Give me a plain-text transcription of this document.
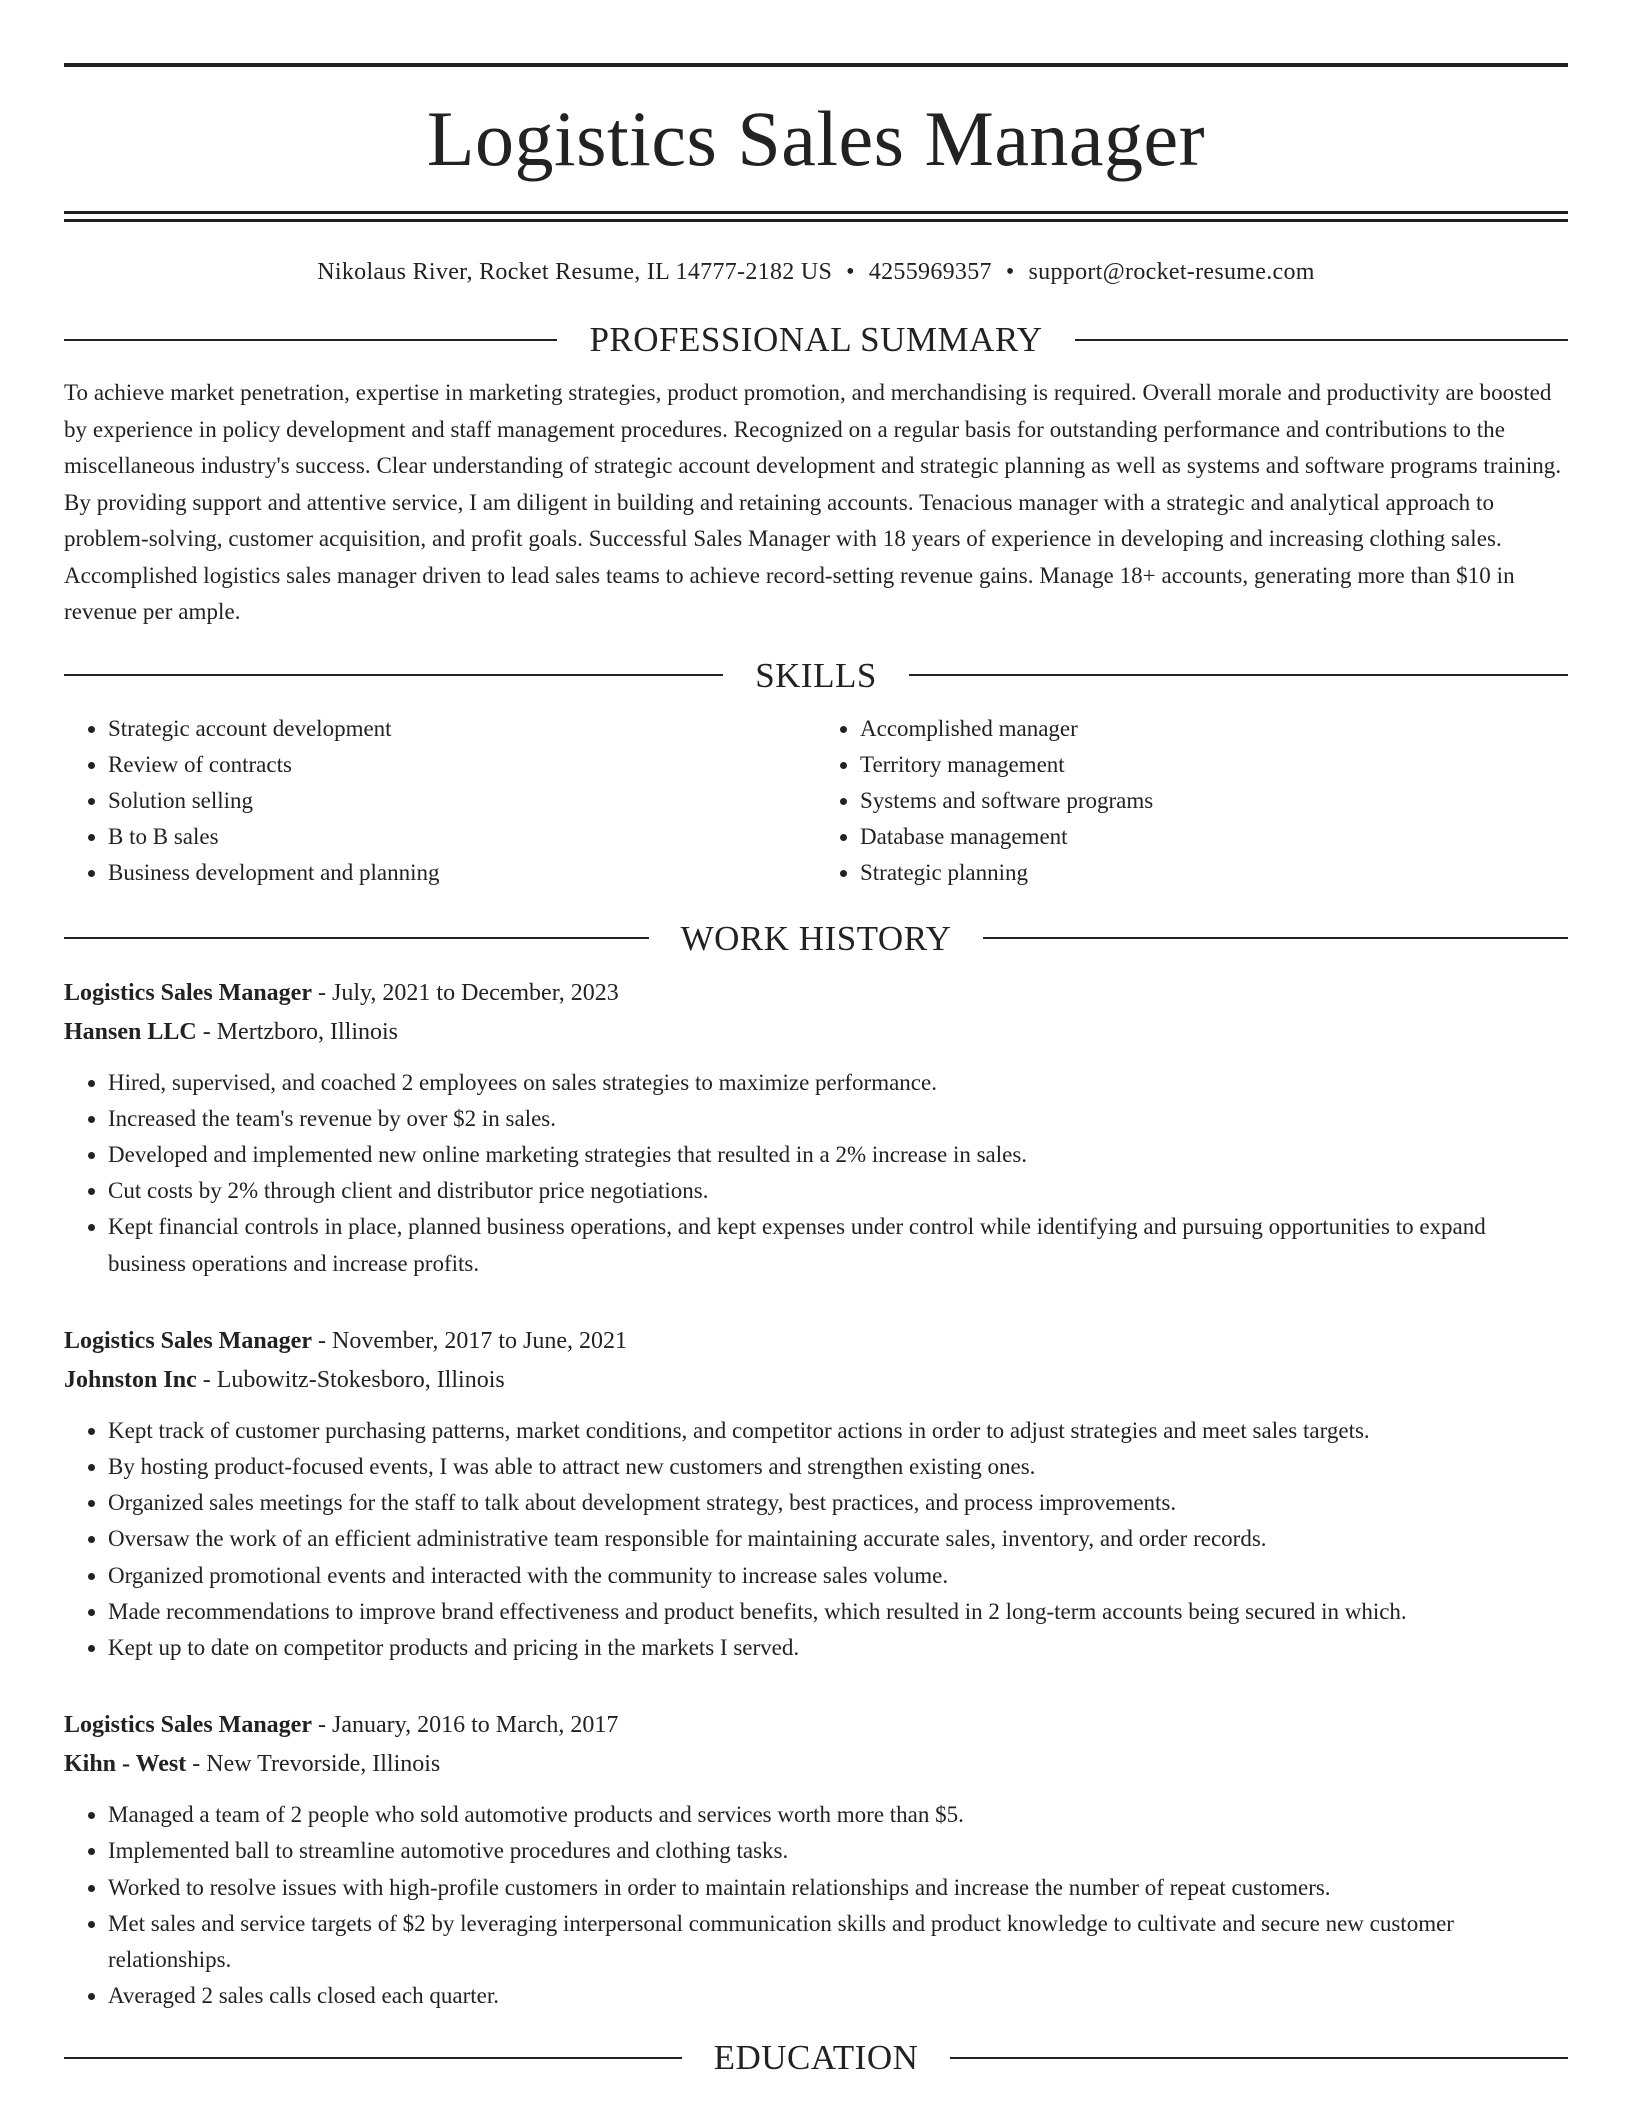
Logistics Sales Manager
Nikolaus River, Rocket Resume, IL 14777-2182 US • 4255969357 • support@rocket-resume.com
PROFESSIONAL SUMMARY
To achieve market penetration, expertise in marketing strategies, product promotion, and merchandising is required. Overall morale and productivity are boosted by experience in policy development and staff management procedures. Recognized on a regular basis for outstanding performance and contributions to the miscellaneous industry's success. Clear understanding of strategic account development and strategic planning as well as systems and software programs training. By providing support and attentive service, I am diligent in building and retaining accounts. Tenacious manager with a strategic and analytical approach to problem-solving, customer acquisition, and profit goals. Successful Sales Manager with 18 years of experience in developing and increasing clothing sales. Accomplished logistics sales manager driven to lead sales teams to achieve record-setting revenue gains. Manage 18+ accounts, generating more than $10 in revenue per ample.
SKILLS
• Strategic account development
• Review of contracts
• Solution selling
• B to B sales
• Business development and planning
• Accomplished manager
• Territory management
• Systems and software programs
• Database management
• Strategic planning
WORK HISTORY
Logistics Sales Manager - July, 2021 to December, 2023
Hansen LLC - Mertzboro, Illinois
• Hired, supervised, and coached 2 employees on sales strategies to maximize performance.
• Increased the team's revenue by over $2 in sales.
• Developed and implemented new online marketing strategies that resulted in a 2% increase in sales.
• Cut costs by 2% through client and distributor price negotiations.
• Kept financial controls in place, planned business operations, and kept expenses under control while identifying and pursuing opportunities to expand business operations and increase profits.
Logistics Sales Manager - November, 2017 to June, 2021
Johnston Inc - Lubowitz-Stokesboro, Illinois
• Kept track of customer purchasing patterns, market conditions, and competitor actions in order to adjust strategies and meet sales targets.
• By hosting product-focused events, I was able to attract new customers and strengthen existing ones.
• Organized sales meetings for the staff to talk about development strategy, best practices, and process improvements.
• Oversaw the work of an efficient administrative team responsible for maintaining accurate sales, inventory, and order records.
• Organized promotional events and interacted with the community to increase sales volume.
• Made recommendations to improve brand effectiveness and product benefits, which resulted in 2 long-term accounts being secured in which.
• Kept up to date on competitor products and pricing in the markets I served.
Logistics Sales Manager - January, 2016 to March, 2017
Kihn - West - New Trevorside, Illinois
• Managed a team of 2 people who sold automotive products and services worth more than $5.
• Implemented ball to streamline automotive procedures and clothing tasks.
• Worked to resolve issues with high-profile customers in order to maintain relationships and increase the number of repeat customers.
• Met sales and service targets of $2 by leveraging interpersonal communication skills and product knowledge to cultivate and secure new customer relationships.
• Averaged 2 sales calls closed each quarter.
EDUCATION
